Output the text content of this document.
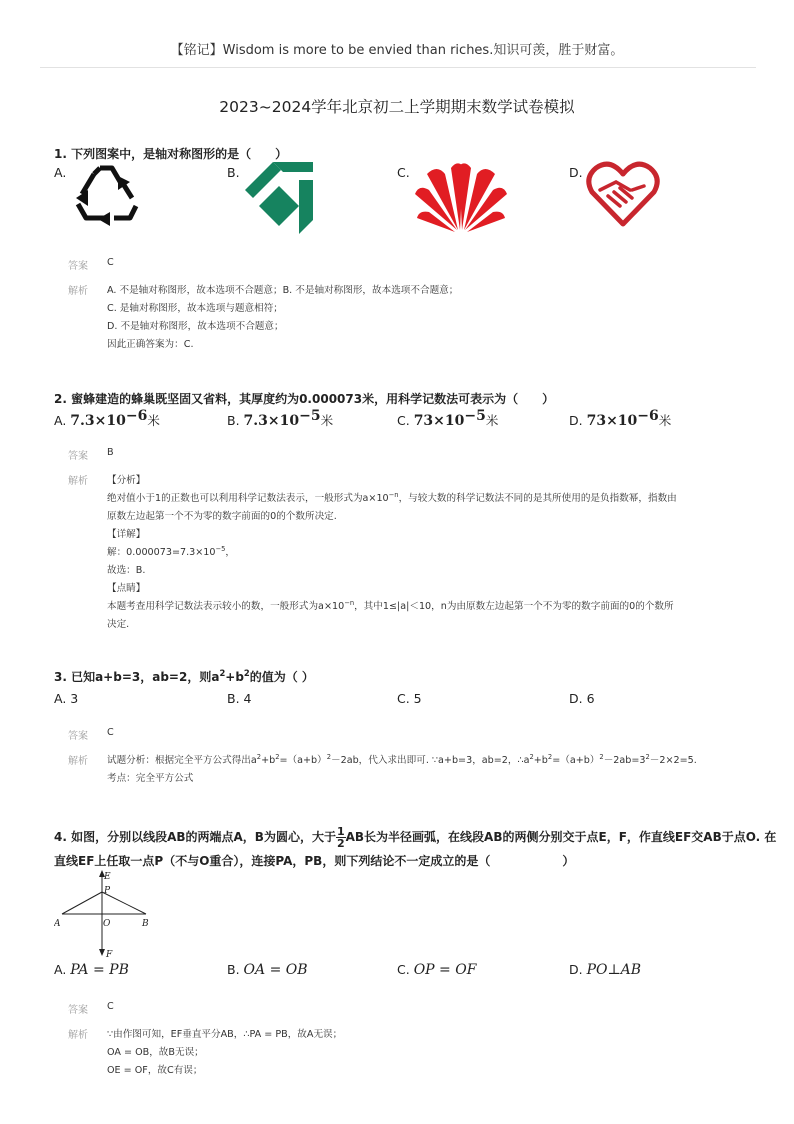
【铭记】Wisdom is more to be envied than riches.知识可羡，胜于财富。
2023~2024学年北京初二上学期期末数学试卷模拟
1. 下列图案中，是轴对称图形的是（　　）
A.	B.	C.	D.
答案 C
解析 A. 不是轴对称图形，故本选项不合题意；B. 不是轴对称图形，故本选项不合题意；
C. 是轴对称图形，故本选项与题意相符；
D. 不是轴对称图形，故本选项不合题意；
因此正确答案为：C.
2. 蜜蜂建造的蜂巢既坚固又省料，其厚度约为0.000073米，用科学记数法可表示为（　　）
A. $7.3\times 10^{-6}$米	B. $7.3\times 10^{-5}$米	C. $73\times 10^{-5}$米	D. $73\times 10^{-6}$米
答案 B
解析 【分析】
绝对值小于1的正数也可以利用科学记数法表示，一般形式为$a\times 10^{-n}$，与较大数的科学记数法不同的是其所使用的是负指数幂，指数由
原数左边起第一个不为零的数字前面的0的个数所决定.
【详解】
解：$0.000073=7.3\times 10^{-5}$，
故选：B.
【点睛】
本题考查用科学记数法表示较小的数，一般形式为$a\times 10^{-n}$，其中1≤|a|＜10，n为由原数左边起第一个不为零的数字前面的0的个数所
决定.
3. 已知a+b=3，ab=2，则$a^2+b^2$的值为（ ）
A. 3	B. 4	C. 5	D. 6
答案 C
解析 试题分析：根据完全平方公式得出$a^2+b^2=(a+b)^2-2ab$，代入求出即可. ∵a+b=3，ab=2，$\therefore a^2+b^2=(a+b)^2-2ab=3^2-2\times 2=5$.
考点：完全平方公式
4. 如图，分别以线段AB的两端点A，B为圆心，大于 $\frac{1}{2}$ AB长为半径画弧，在线段AB的两侧分别交于点E，F，作直线EF交AB于点O. 在
直线EF上任取一点P（不与O重合），连接PA，PB，则下列结论不一定成立的是（　　　　　　）
E
P
A	O	B
F
A. PA = PB	B. OA = OB	C. OP = OF	D. PO⊥AB
答案 C
解析 ∵由作图可知，EF垂直平分AB，∴PA = PB，故A无误；
OA = OB，故B无误；
OE = OF，故C有误；
